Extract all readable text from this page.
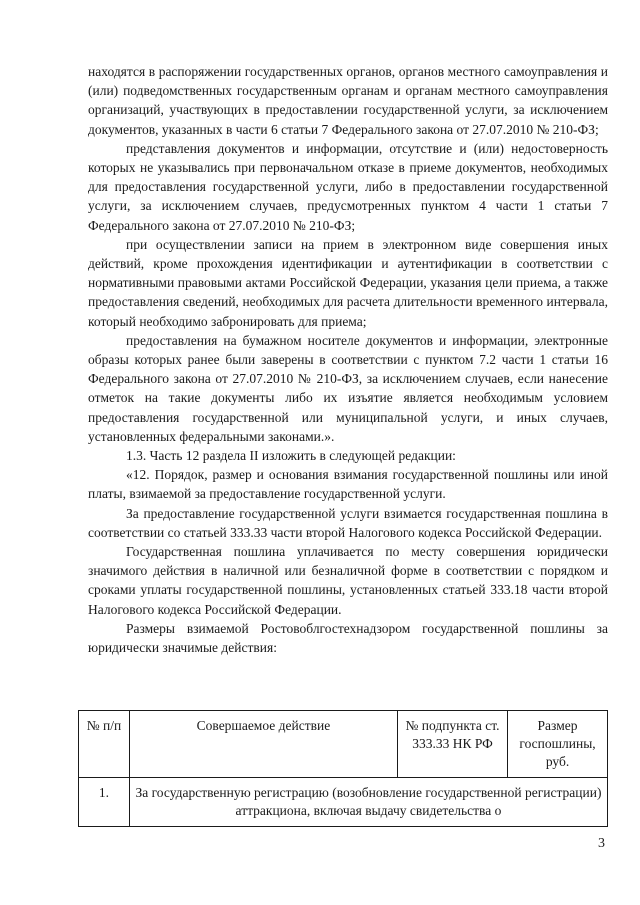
находятся в распоряжении государственных органов, органов местного самоуправления и (или) подведомственных государственным органам и органам местного самоуправления организаций, участвующих в предоставлении государственной услуги, за исключением документов, указанных в части 6 статьи 7 Федерального закона от 27.07.2010 № 210-ФЗ;

представления документов и информации, отсутствие и (или) недостоверность которых не указывались при первоначальном отказе в приеме документов, необходимых для предоставления государственной услуги, либо в предоставлении государственной услуги, за исключением случаев, предусмотренных пунктом 4 части 1 статьи 7 Федерального закона от 27.07.2010 № 210-ФЗ;

при осуществлении записи на прием в электронном виде совершения иных действий, кроме прохождения идентификации и аутентификации в соответствии с нормативными правовыми актами Российской Федерации, указания цели приема, а также предоставления сведений, необходимых для расчета длительности временного интервала, который необходимо забронировать для приема;

предоставления на бумажном носителе документов и информации, электронные образы которых ранее были заверены в соответствии с пунктом 7.2 части 1 статьи 16 Федерального закона от 27.07.2010 № 210-ФЗ, за исключением случаев, если нанесение отметок на такие документы либо их изъятие является необходимым условием предоставления государственной или муниципальной услуги, и иных случаев, установленных федеральными законами.».

1.3. Часть 12 раздела II изложить в следующей редакции:

«12. Порядок, размер и основания взимания государственной пошлины или иной платы, взимаемой за предоставление государственной услуги.

За предоставление государственной услуги взимается государственная пошлина в соответствии со статьей 333.33 части второй Налогового кодекса Российской Федерации.

Государственная пошлина уплачивается по месту совершения юридически значимого действия в наличной или безналичной форме в соответствии с порядком и сроками уплаты государственной пошлины, установленных статьей 333.18 части второй Налогового кодекса Российской Федерации.

Размеры взимаемой Ростовоблгостехнадзором государственной пошлины за юридически значимые действия:

№ п/п	Совершаемое действие	№ подпункта ст. 333.33 НК РФ	Размер госпошлины, руб.
1.	За государственную регистрацию (возобновление государственной регистрации) аттракциона, включая выдачу свидетельства о		
3
